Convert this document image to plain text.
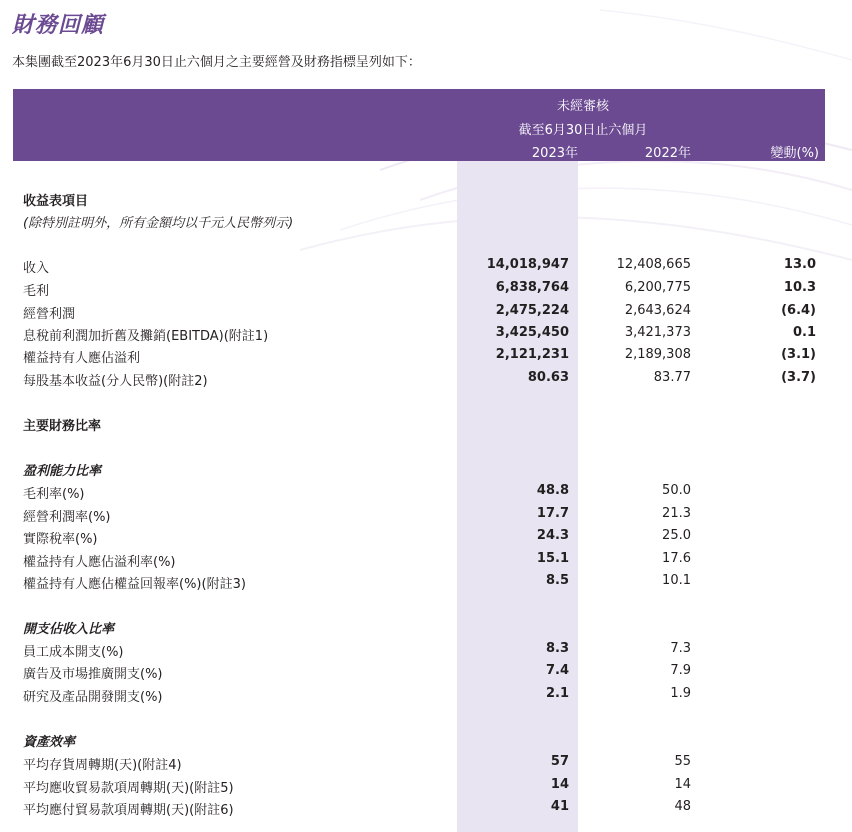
財務回顧
本集團截至2023年6月30日止六個月之主要經營及財務指標呈列如下：
未經審核
截至6月30日止六個月
2023年	2022年	變動(%)
收益表項目
(除特別註明外，所有金額均以千元人民幣列示)
收入	14,018,947	12,408,665	13.0
毛利	6,838,764	6,200,775	10.3
經營利潤	2,475,224	2,643,624	(6.4)
息稅前利潤加折舊及攤銷(EBITDA)(附註1)	3,425,450	3,421,373	0.1
權益持有人應佔溢利	2,121,231	2,189,308	(3.1)
每股基本收益(分人民幣)(附註2)	80.63	83.77	(3.7)
主要財務比率
盈利能力比率
毛利率(%)	48.8	50.0
經營利潤率(%)	17.7	21.3
實際稅率(%)	24.3	25.0
權益持有人應佔溢利率(%)	15.1	17.6
權益持有人應佔權益回報率(%)(附註3)	8.5	10.1
開支佔收入比率
員工成本開支(%)	8.3	7.3
廣告及市場推廣開支(%)	7.4	7.9
研究及產品開發開支(%)	2.1	1.9
資產效率
平均存貨周轉期(天)(附註4)	57	55
平均應收貿易款項周轉期(天)(附註5)	14	14
平均應付貿易款項周轉期(天)(附註6)	41	48
